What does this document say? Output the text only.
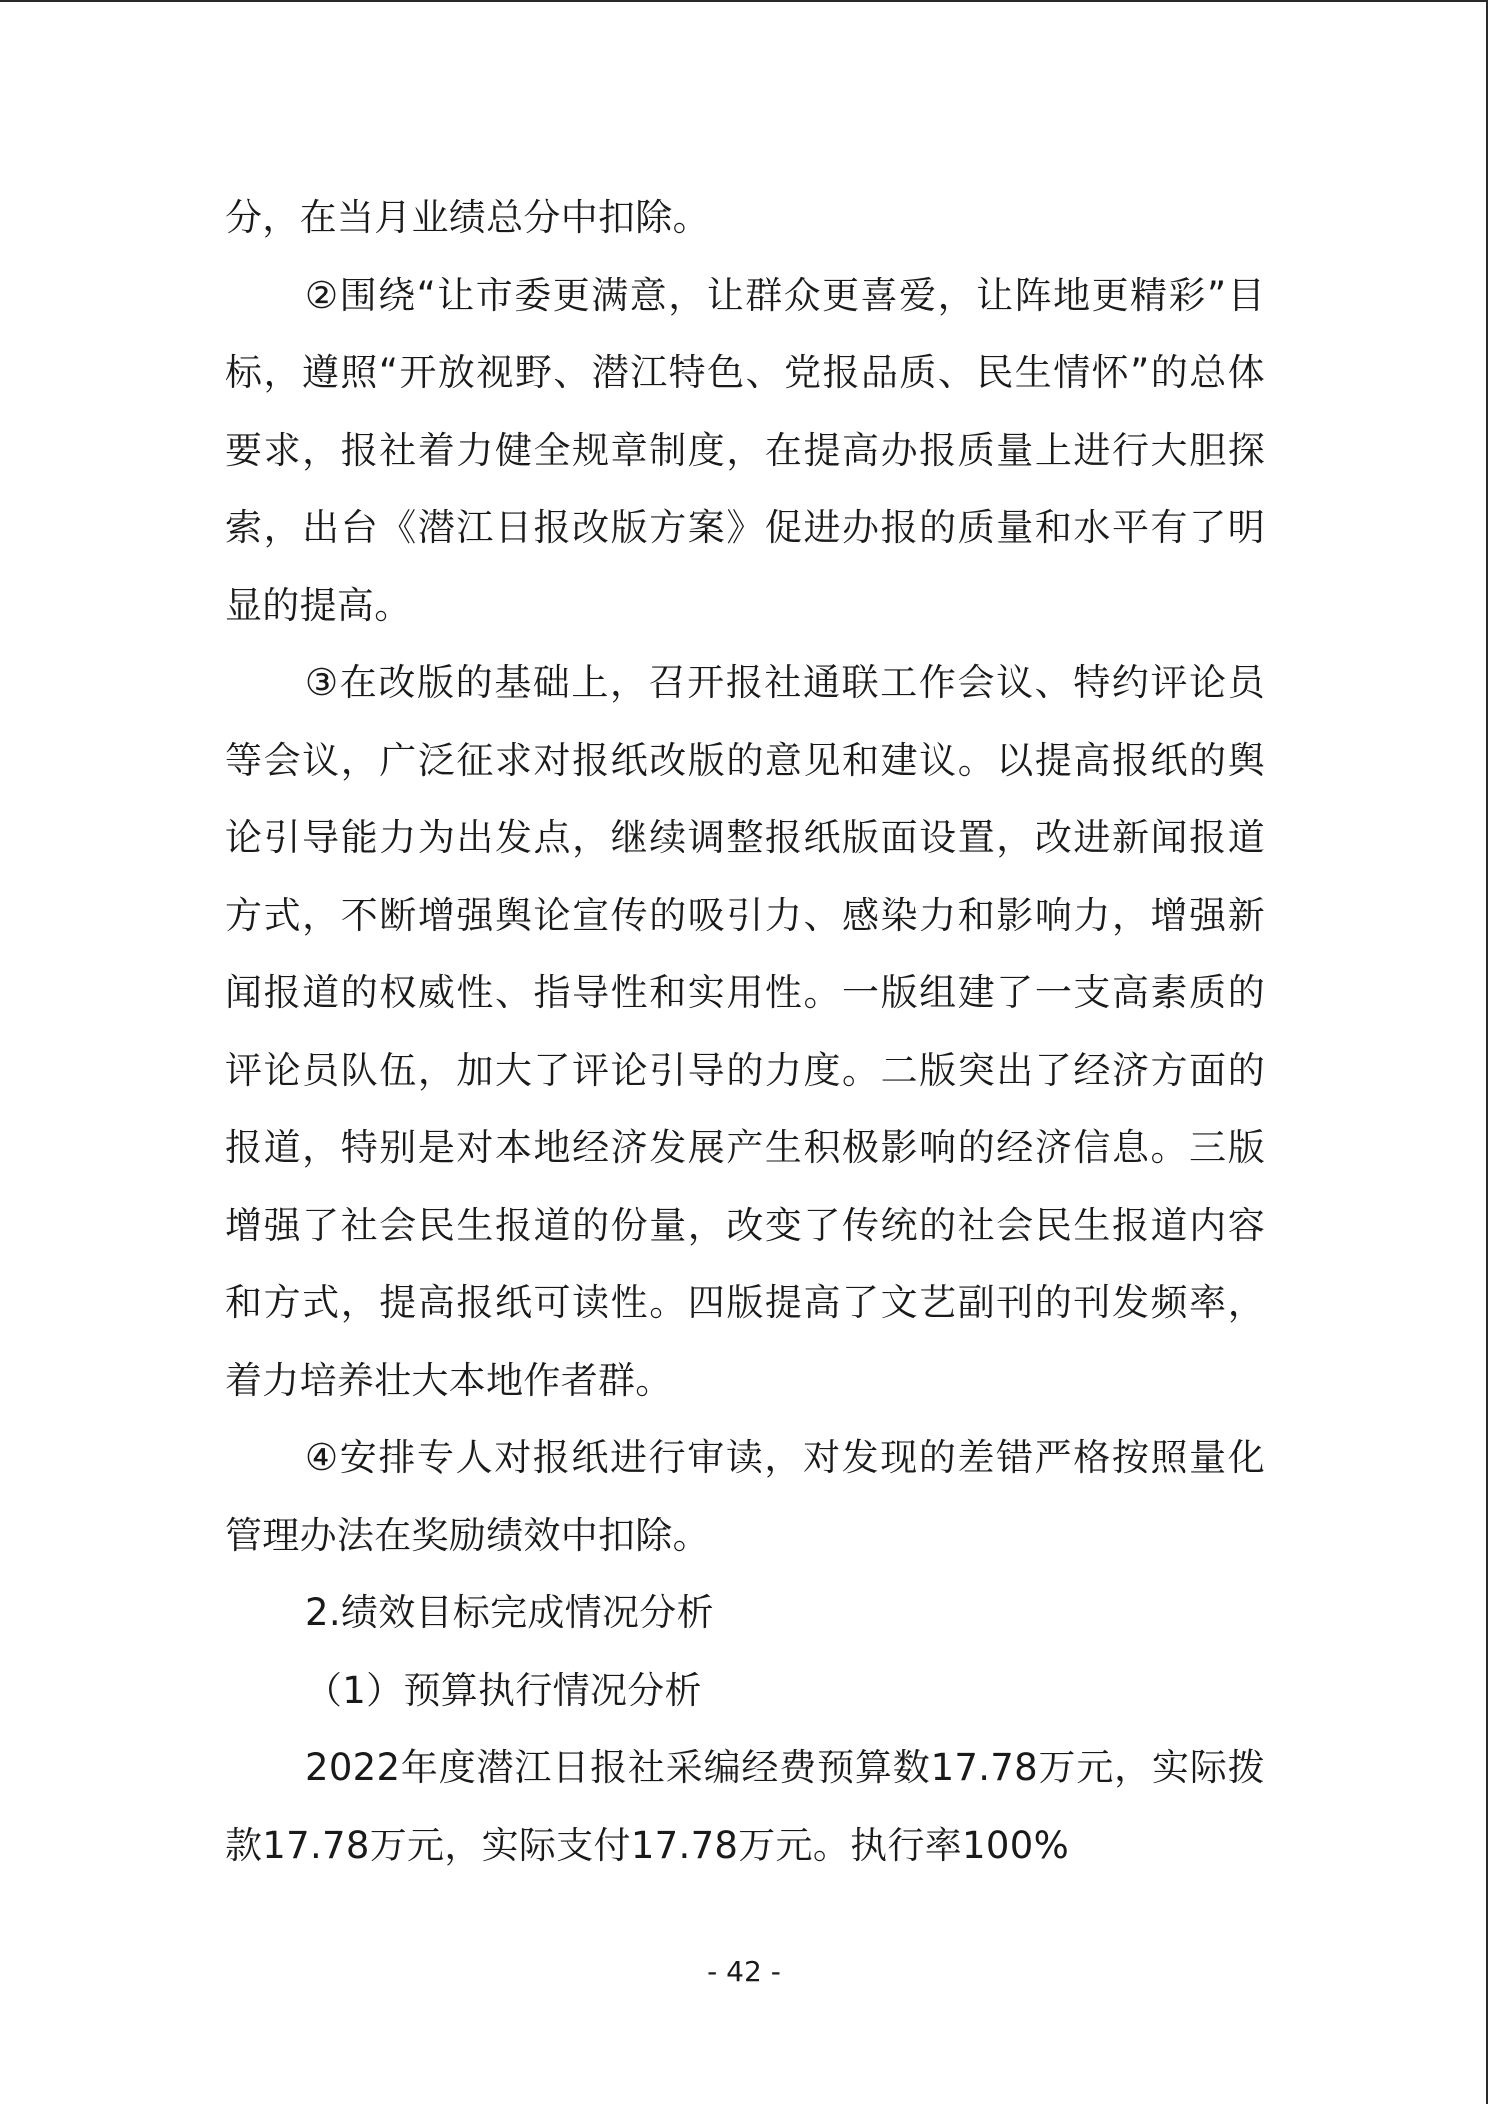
分，在当月业绩总分中扣除。

②围绕“让市委更满意，让群众更喜爱，让阵地更精彩”目标，遵照“开放视野、潜江特色、党报品质、民生情怀”的总体要求，报社着力健全规章制度，在提高办报质量上进行大胆探索，出台《潜江日报改版方案》促进办报的质量和水平有了明显的提高。

③在改版的基础上，召开报社通联工作会议、特约评论员等会议，广泛征求对报纸改版的意见和建议。以提高报纸的舆论引导能力为出发点，继续调整报纸版面设置，改进新闻报道方式，不断增强舆论宣传的吸引力、感染力和影响力，增强新闻报道的权威性、指导性和实用性。一版组建了一支高素质的评论员队伍，加大了评论引导的力度。二版突出了经济方面的报道，特别是对本地经济发展产生积极影响的经济信息。三版增强了社会民生报道的份量，改变了传统的社会民生报道内容和方式，提高报纸可读性。四版提高了文艺副刊的刊发频率，着力培养壮大本地作者群。

④安排专人对报纸进行审读，对发现的差错严格按照量化管理办法在奖励绩效中扣除。

2.绩效目标完成情况分析

（1）预算执行情况分析

2022年度潜江日报社采编经费预算数17.78万元，实际拨款17.78万元，实际支付17.78万元。执行率100%

- 42 -
